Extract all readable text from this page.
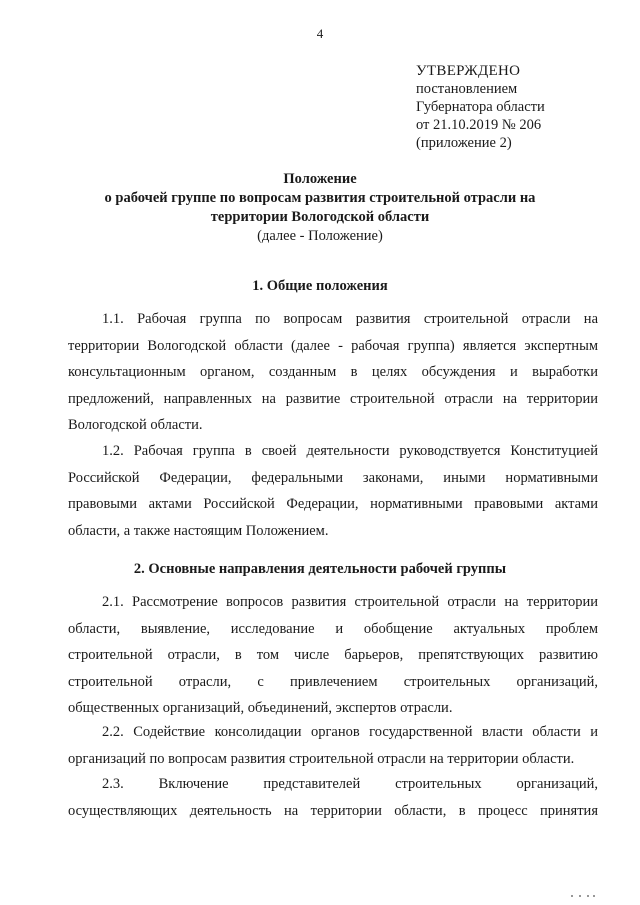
4
УТВЕРЖДЕНО
постановлением
Губернатора области
от 21.10.2019 № 206
(приложение 2)
Положение
о рабочей группе по вопросам развития строительной отрасли на
территории Вологодской области
(далее - Положение)
1. Общие положения
1.1. Рабочая группа по вопросам развития строительной отрасли на
территории Вологодской области (далее - рабочая группа) является экспертным
консультационным органом, созданным в целях обсуждения и выработки
предложений, направленных на развитие строительной отрасли на территории
Вологодской области.
1.2. Рабочая группа в своей деятельности руководствуется Конституцией
Российской Федерации, федеральными законами, иными нормативными
правовыми актами Российской Федерации, нормативными правовыми актами
области, а также настоящим Положением.
2. Основные направления деятельности рабочей группы
2.1. Рассмотрение вопросов развития строительной отрасли на территории
области, выявление, исследование и обобщение актуальных проблем
строительной отрасли, в том числе барьеров, препятствующих развитию
строительной отрасли, с привлечением строительных организаций,
общественных организаций, объединений, экспертов отрасли.
2.2. Содействие консолидации органов государственной власти области и
организаций по вопросам развития строительной отрасли на территории области.
2.3. Включение представителей строительных организаций,
осуществляющих деятельность на территории области, в процесс принятия
